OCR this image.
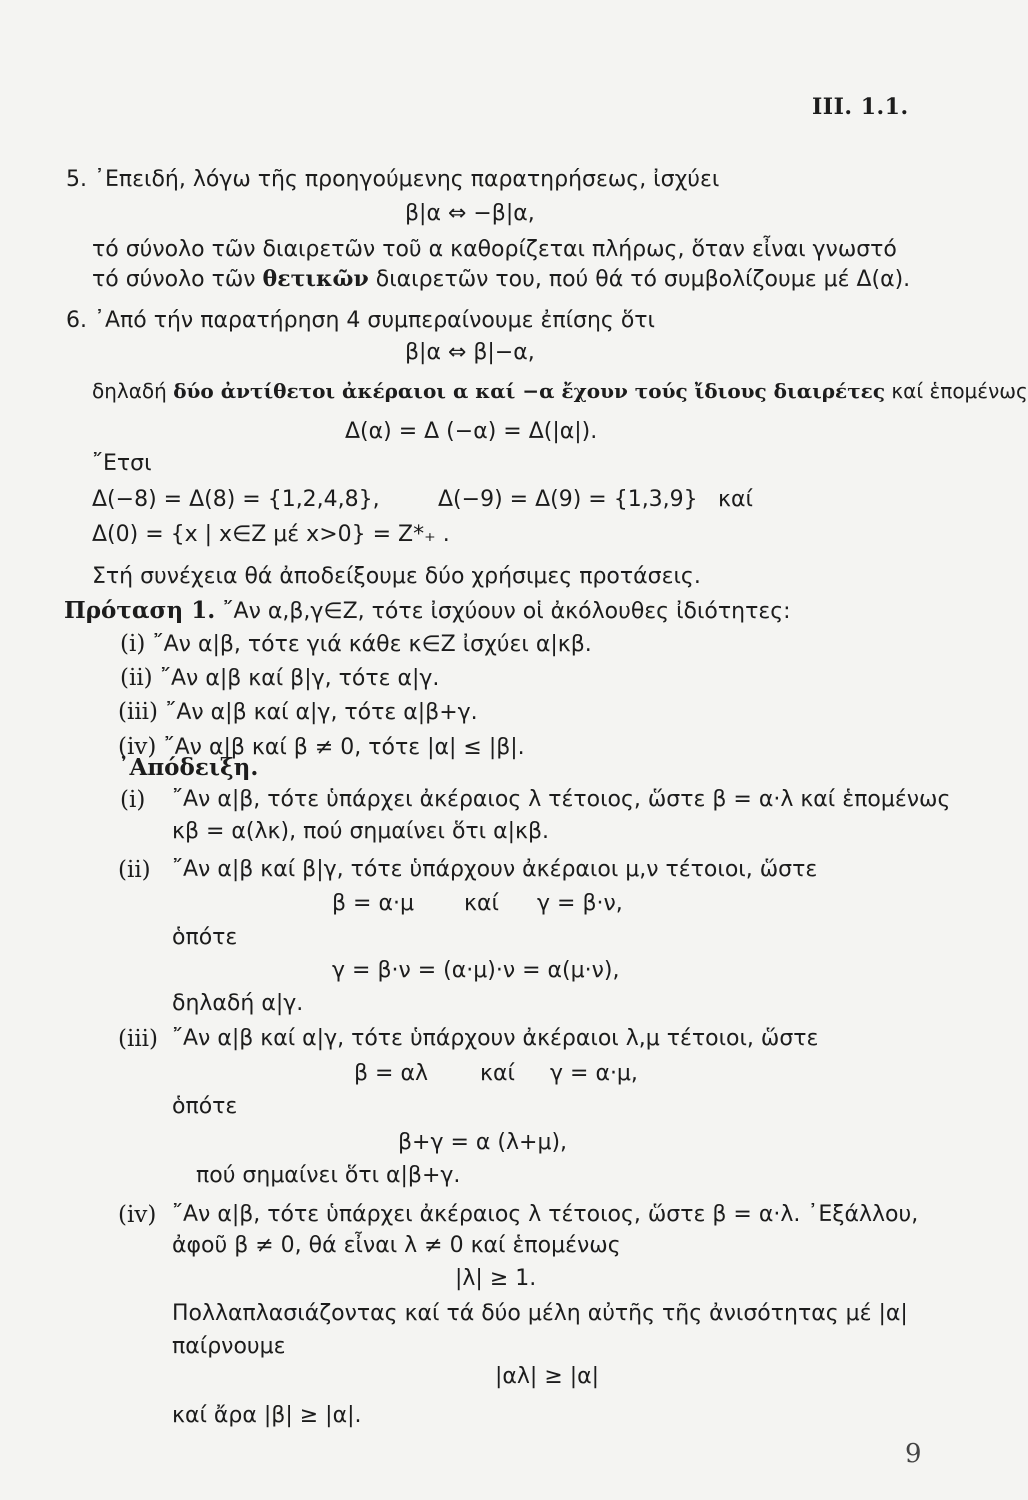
III. 1.1.
5. ᾿Επειδή, λόγω τῆς προηγούμενης παρατηρήσεως, ἰσχύει
β|α ⇔ −β|α,
τό σύνολο τῶν διαιρετῶν τοῦ α καθορίζεται πλήρως, ὅταν εἶναι γνωστό
τό σύνολο τῶν θετικῶν διαιρετῶν του, πού θά τό συμβολίζουμε μέ Δ(α).
6. ᾿Από τήν παρατήρηση 4 συμπεραίνουμε ἐπίσης ὅτι
β|α ⇔ β|−α,
δηλαδή δύο ἀντίθετοι ἀκέραιοι α καί −α ἔχουν τούς ἴδιους διαιρέτες καί ἑπομένως
Δ(α) = Δ (−α) = Δ(|α|).
῎Ετσι
Δ(−8) = Δ(8) = {1,2,4,8},	Δ(−9) = Δ(9) = {1,3,9} καί
Δ(0) = {x | x∈Z μέ x>0} = Z*₊ .
Στή συνέχεια θά ἀποδείξουμε δύο χρήσιμες προτάσεις.
Πρόταση 1. ῎Αν α,β,γ∈Z, τότε ἰσχύουν οἱ ἀκόλουθες ἰδιότητες:
(i) ῎Αν α|β, τότε γιά κάθε κ∈Z ἰσχύει α|κβ.
(ii) ῎Αν α|β καί β|γ, τότε α|γ.
(iii) ῎Αν α|β καί α|γ, τότε α|β+γ.
(iv) ῎Αν α|β καί β ≠ 0, τότε |α| ≤ |β|.
᾿Απόδειξη.
(i) ῎Αν α|β, τότε ὑπάρχει ἀκέραιος λ τέτοιος, ὥστε β = α·λ καί ἑπομένως
κβ = α(λκ), πού σημαίνει ὅτι α|κβ.
(ii) ῎Αν α|β καί β|γ, τότε ὑπάρχουν ἀκέραιοι μ,ν τέτοιοι, ὥστε
β = α·μ καί γ = β·ν,
ὁπότε
γ = β·ν = (α·μ)·ν = α(μ·ν),
δηλαδή α|γ.
(iii) ῎Αν α|β καί α|γ, τότε ὑπάρχουν ἀκέραιοι λ,μ τέτοιοι, ὥστε
β = αλ καί γ = α·μ,
ὁπότε
β+γ = α (λ+μ),
πού σημαίνει ὅτι α|β+γ.
(iv) ῎Αν α|β, τότε ὑπάρχει ἀκέραιος λ τέτοιος, ὥστε β = α·λ. ᾿Εξάλλου,
ἀφοῦ β ≠ 0, θά εἶναι λ ≠ 0 καί ἑπομένως
|λ| ≥ 1.
Πολλαπλασιάζοντας καί τά δύο μέλη αὐτῆς τῆς ἀνισότητας μέ |α|
παίρνουμε
|αλ| ≥ |α|
καί ἄρα |β| ≥ |α|.
9
